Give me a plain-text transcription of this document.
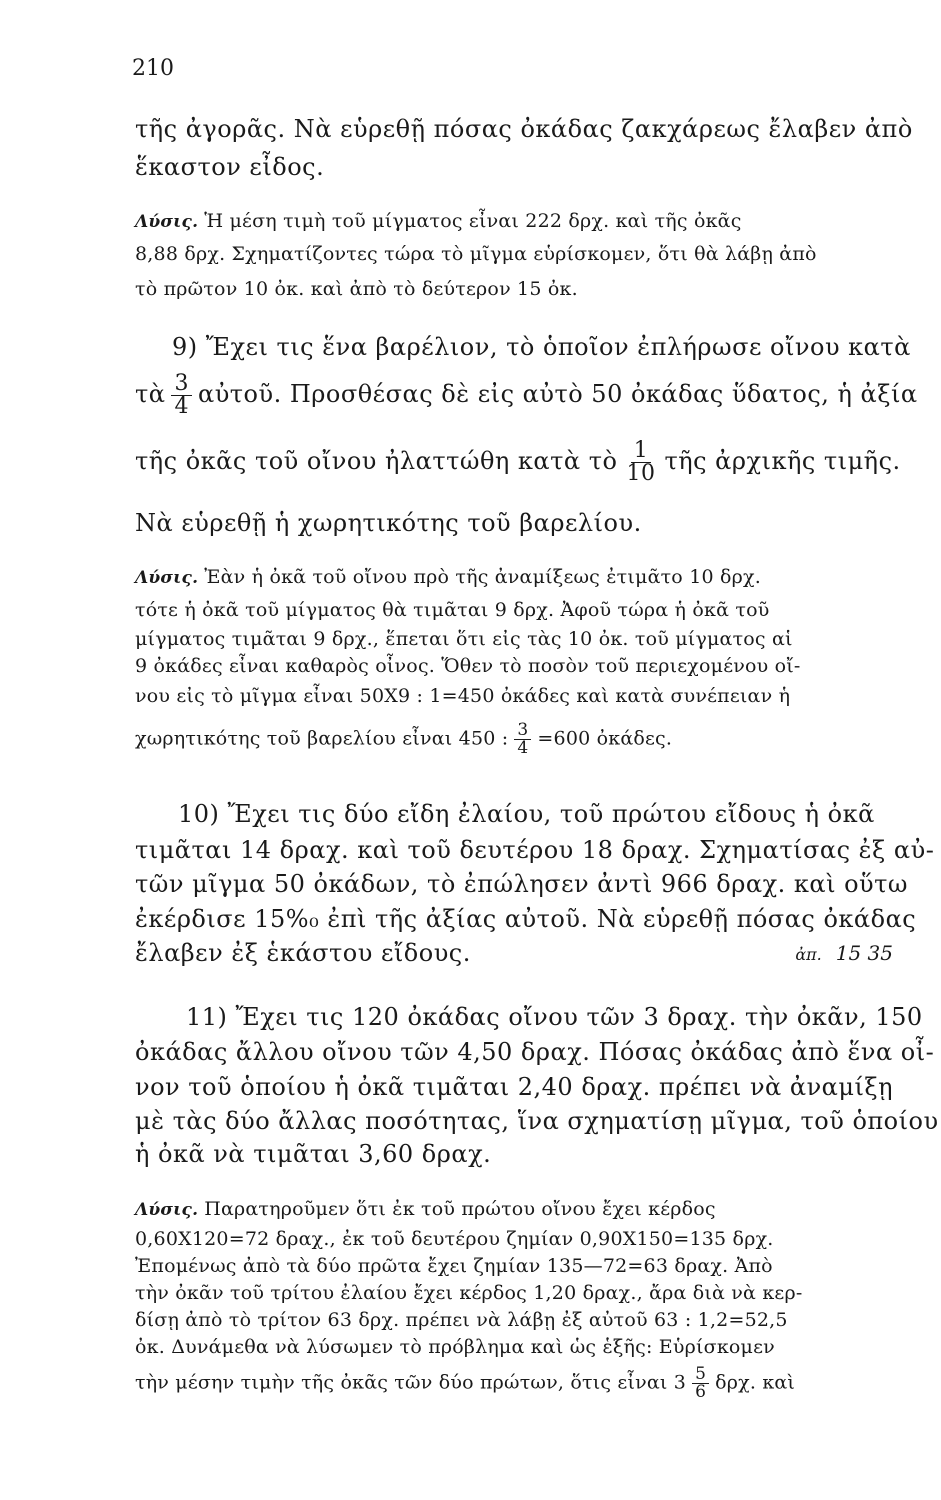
210
τῆς ἀγορᾶς. Νὰ εὑρεθῇ πόσας ὀκάδας ζακχάρεως ἔλαβεν ἀπὸ
ἕκαστον εἶδος.
Λύσις. Ἡ μέση τιμὴ τοῦ μίγματος εἶναι 222 δρχ. καὶ τῆς ὀκᾶς
8,88 δρχ. Σχηματίζοντες τώρα τὸ μῖγμα εὑρίσκομεν, ὅτι θὰ λάβῃ ἀπὸ
τὸ πρῶτον 10 ὀκ. καὶ ἀπὸ τὸ δεύτερον 15 ὀκ.
9) Ἔχει τις ἕνα βαρέλιον, τὸ ὁποῖον ἐπλήρωσε οἴνου κατὰ
τὰ $\frac{3}{4}$ αὐτοῦ. Προσθέσας δὲ εἰς αὐτὸ 50 ὀκάδας ὕδατος, ἡ ἀξία
τῆς ὀκᾶς τοῦ οἴνου ἠλαττώθη κατὰ τὸ $\frac{1}{10}$ τῆς ἀρχικῆς τιμῆς.
Νὰ εὑρεθῇ ἡ χωρητικότης τοῦ βαρελίου.
Λύσις. Ἐὰν ἡ ὀκᾶ τοῦ οἴνου πρὸ τῆς ἀναμίξεως ἐτιμᾶτο 10 δρχ.
τότε ἡ ὀκᾶ τοῦ μίγματος θὰ τιμᾶται 9 δρχ. Ἀφοῦ τώρα ἡ ὀκᾶ τοῦ
μίγματος τιμᾶται 9 δρχ., ἕπεται ὅτι εἰς τὰς 10 ὀκ. τοῦ μίγματος αἱ
9 ὀκάδες εἶναι καθαρὸς οἶνος. Ὅθεν τὸ ποσὸν τοῦ περιεχομένου οἴ-
νου εἰς τὸ μῖγμα εἶναι 50X9 : 1=450 ὀκάδες καὶ κατὰ συνέπειαν ἡ
χωρητικότης τοῦ βαρελίου εἶναι 450 : $\frac{3}{4} =600$ ὀκάδες.
10) Ἔχει τις δύο εἴδη ἐλαίου, τοῦ πρώτου εἴδους ἡ ὀκᾶ
τιμᾶται 14 δραχ. καὶ τοῦ δευτέρου 18 δραχ. Σχηματίσας ἐξ αὐ-
τῶν μῖγμα 50 ὀκάδων, τὸ ἐπώλησεν ἀντὶ 966 δραχ. καὶ οὕτω
ἐκέρδισε 15%₀ ἐπὶ τῆς ἀξίας αὐτοῦ. Νὰ εὑρεθῇ πόσας ὀκάδας
ἔλαβεν ἐξ ἑκάστου εἴδους.	ἀπ. 15 35
11) Ἔχει τις 120 ὀκάδας οἴνου τῶν 3 δραχ. τὴν ὀκᾶν, 150
ὀκάδας ἄλλου οἴνου τῶν 4,50 δραχ. Πόσας ὀκάδας ἀπὸ ἕνα οἶ-
νον τοῦ ὁποίου ἡ ὀκᾶ τιμᾶται 2,40 δραχ. πρέπει νὰ ἀναμίξῃ
μὲ τὰς δύο ἄλλας ποσότητας, ἵνα σχηματίσῃ μῖγμα, τοῦ ὁποίου
ἡ ὀκᾶ νὰ τιμᾶται 3,60 δραχ.
Λύσις. Παρατηροῦμεν ὅτι ἐκ τοῦ πρώτου οἴνου ἔχει κέρδος
0,60X120=72 δραχ., ἐκ τοῦ δευτέρου ζημίαν 0,90X150=135 δρχ.
Ἐπομένως ἀπὸ τὰ δύο πρῶτα ἔχει ζημίαν 135—72=63 δραχ. Ἀπὸ
τὴν ὀκᾶν τοῦ τρίτου ἐλαίου ἔχει κέρδος 1,20 δραχ., ἄρα διὰ νὰ κερ-
δίσῃ ἀπὸ τὸ τρίτον 63 δρχ. πρέπει νὰ λάβῃ ἐξ αὐτοῦ 63 : 1,2=52,5
ὀκ. Δυνάμεθα νὰ λύσωμεν τὸ πρόβλημα καὶ ὡς ἑξῆς: Εὑρίσκομεν
τὴν μέσην τιμὴν τῆς ὀκᾶς τῶν δύο πρώτων, ὅτις εἶναι $3 \frac{5}{6} \delta\rho\chi$. καὶ
